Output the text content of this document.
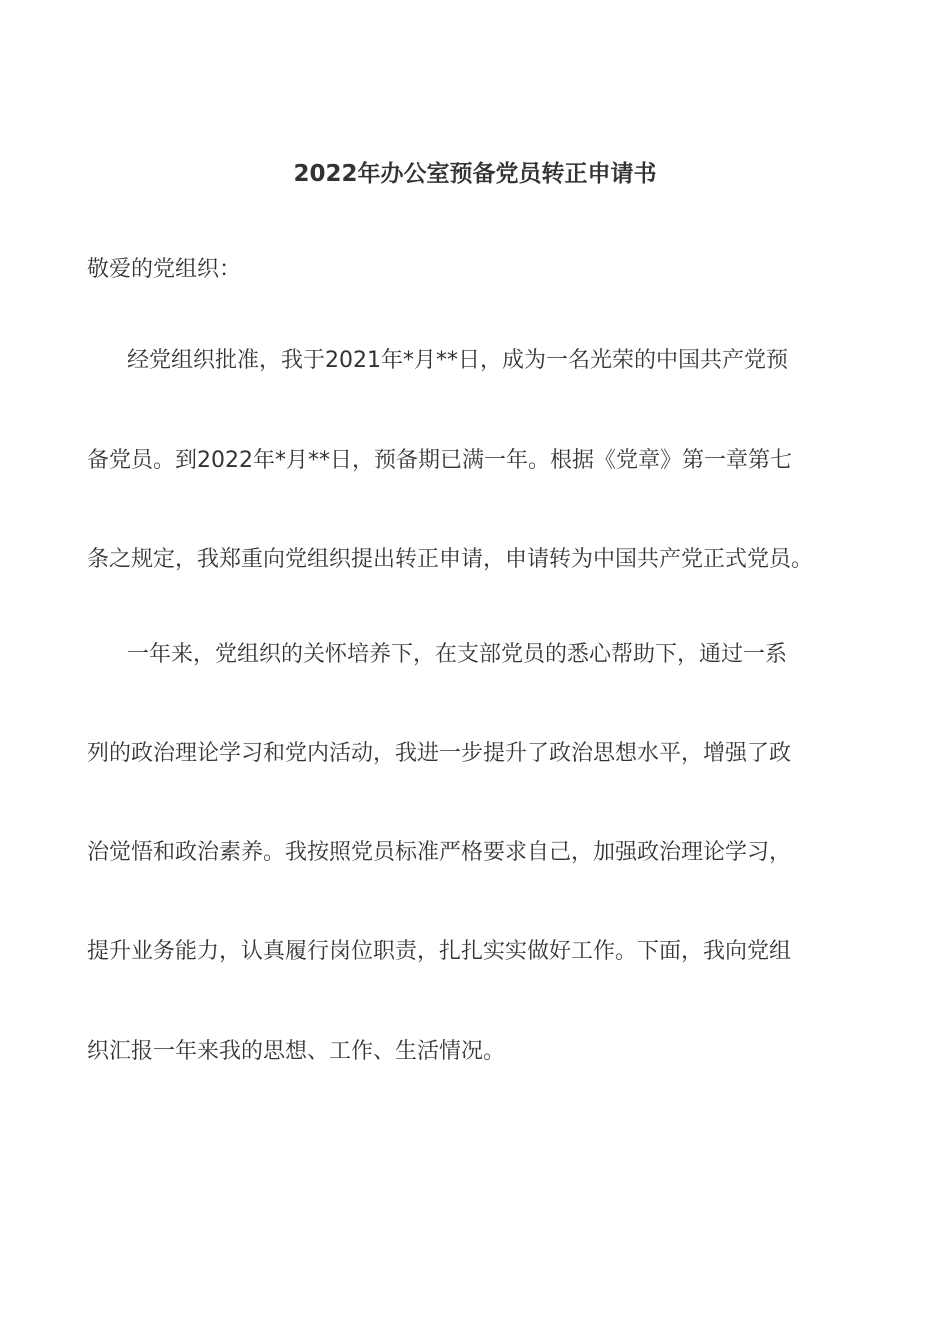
2022年办公室预备党员转正申请书
敬爱的党组织：
经党组织批准，我于2021年*月**日，成为一名光荣的中国共产党预
备党员。到2022年*月**日，预备期已满一年。根据《党章》第一章第七
条之规定，我郑重向党组织提出转正申请，申请转为中国共产党正式党员。
一年来，党组织的关怀培养下，在支部党员的悉心帮助下，通过一系
列的政治理论学习和党内活动，我进一步提升了政治思想水平，增强了政
治觉悟和政治素养。我按照党员标准严格要求自己，加强政治理论学习，
提升业务能力，认真履行岗位职责，扎扎实实做好工作。下面，我向党组
织汇报一年来我的思想、工作、生活情况。
